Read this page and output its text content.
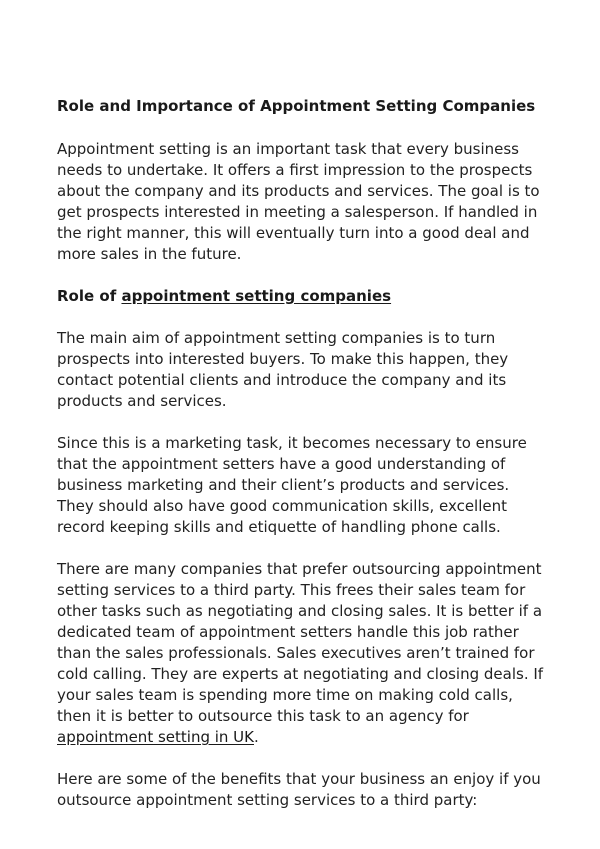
Role and Importance of Appointment Setting Companies

Appointment setting is an important task that every business needs to undertake. It offers a first impression to the prospects about the company and its products and services. The goal is to get prospects interested in meeting a salesperson. If handled in the right manner, this will eventually turn into a good deal and more sales in the future.

Role of appointment setting companies

The main aim of appointment setting companies is to turn prospects into interested buyers. To make this happen, they contact potential clients and introduce the company and its products and services.

Since this is a marketing task, it becomes necessary to ensure that the appointment setters have a good understanding of business marketing and their client’s products and services. They should also have good communication skills, excellent record keeping skills and etiquette of handling phone calls.

There are many companies that prefer outsourcing appointment setting services to a third party. This frees their sales team for other tasks such as negotiating and closing sales. It is better if a dedicated team of appointment setters handle this job rather than the sales professionals. Sales executives aren’t trained for cold calling. They are experts at negotiating and closing deals. If your sales team is spending more time on making cold calls, then it is better to outsource this task to an agency for appointment setting in UK.

Here are some of the benefits that your business an enjoy if you outsource appointment setting services to a third party:
